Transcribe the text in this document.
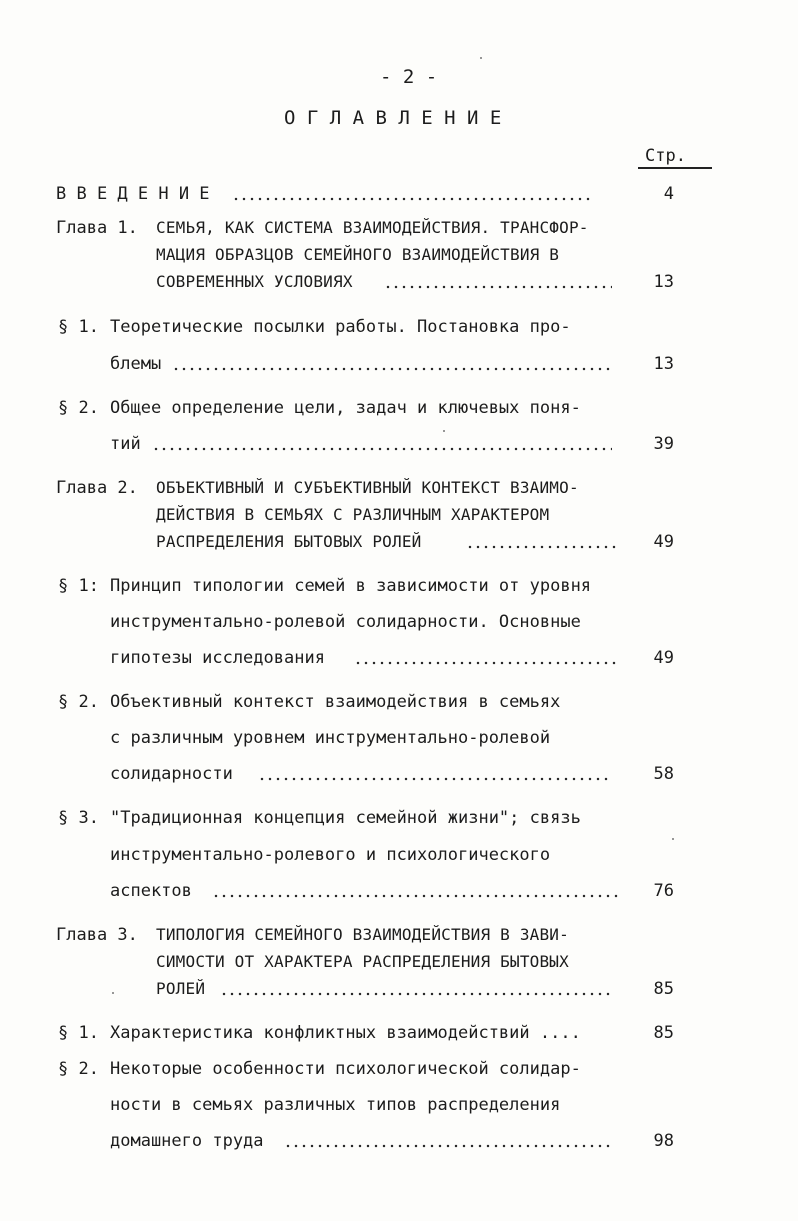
- 2 -
О Г Л А В Л Е Н И Е
Стр.
В В Е Д Е Н И Е	4
Глава 1. СЕМЬЯ, КАК СИСТЕМА ВЗАИМОДЕЙСТВИЯ. ТРАНСФОР-
МАЦИЯ ОБРАЗЦОВ СЕМЕЙНОГО ВЗАИМОДЕЙСТВИЯ В
СОВРЕМЕННЫХ УСЛОВИЯХ	13
§ 1. Теоретические посылки работы. Постановка про-
блемы	13
§ 2. Общее определение цели, задач и ключевых поня-
тий	39
Глава 2. ОБЪЕКТИВНЫЙ И СУБЪЕКТИВНЫЙ КОНТЕКСТ ВЗАИМО-
ДЕЙСТВИЯ В СЕМЬЯХ С РАЗЛИЧНЫМ ХАРАКТЕРОМ
РАСПРЕДЕЛЕНИЯ БЫТОВЫХ РОЛЕЙ	49
§ 1: Принцип типологии семей в зависимости от уровня
инструментально-ролевой солидарности. Основные
гипотезы исследования	49
§ 2. Объективный контекст взаимодействия в семьях
с различным уровнем инструментально-ролевой
солидарности	58
§ 3. "Традиционная концепция семейной жизни"; связь
инструментально-ролевого и психологического
аспектов	76
Глава 3. ТИПОЛОГИЯ СЕМЕЙНОГО ВЗАИМОДЕЙСТВИЯ В ЗАВИ-
СИМОСТИ ОТ ХАРАКТЕРА РАСПРЕДЕЛЕНИЯ БЫТОВЫХ
РОЛЕЙ	85
§ 1. Характеристика конфликтных взаимодействий ....	85
§ 2. Некоторые особенности психологической солидар-
ности в семьях различных типов распределения
домашнего труда	98
